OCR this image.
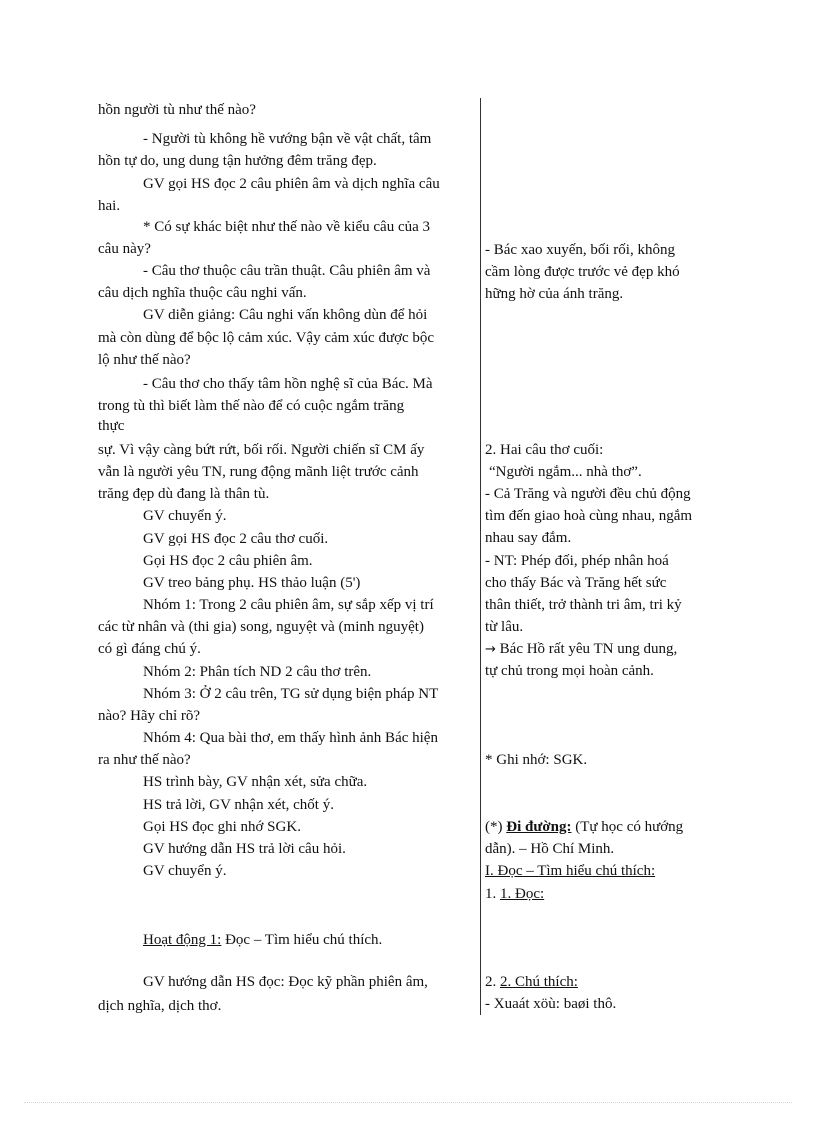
hồn người tù như thế nào?
- Người tù không hề vướng bận về vật chất, tâm
hồn tự do, ung dung tận hưởng đêm trăng đẹp.
GV gọi HS đọc 2 câu phiên âm và dịch nghĩa câu
hai.
* Có sự khác biệt như thế nào về kiểu câu của 3
câu này?
- Câu thơ thuộc câu trần thuật. Câu phiên âm và
câu dịch nghĩa thuộc câu nghi vấn.
GV diễn giảng: Câu nghi vấn không dùn để hỏi
mà còn dùng để bộc lộ cảm xúc. Vậy cảm xúc được bộc
lộ như thế nào?
- Câu thơ cho thấy tâm hồn nghệ sĩ của Bác. Mà
trong tù thì biết làm thế nào để có cuộc ngắm trăng
thực
sự. Vì vậy càng bứt rứt, bối rối. Người chiến sĩ CM ấy
vẫn là người yêu TN, rung động mãnh liệt trước cảnh
trăng đẹp dù đang là thân tù.
GV chuyển ý.
GV gọi HS đọc 2 câu thơ cuối.
Gọi HS đọc 2 câu phiên âm.
GV treo bảng phụ. HS thảo luận (5')
Nhóm 1: Trong 2 câu phiên âm, sự sắp xếp vị trí
các từ nhân và (thi gia) song, nguyệt và (minh nguyệt)
có gì đáng chú ý.
Nhóm 2: Phân tích ND 2 câu thơ trên.
Nhóm 3: Ở 2 câu trên, TG sử dụng biện pháp NT
nào? Hãy chỉ rõ?
Nhóm 4: Qua bài thơ, em thấy hình ảnh Bác hiện
ra như thế nào?
HS trình bày, GV nhận xét, sửa chữa.
HS trả lời, GV nhận xét, chốt ý.
Gọi HS đọc ghi nhớ SGK.
GV hướng dẫn HS trả lời câu hỏi.
GV chuyển ý.
Hoạt động 1: Đọc – Tìm hiểu chú thích.
GV hướng dẫn HS đọc: Đọc kỹ phần phiên âm,
dịch nghĩa, dịch thơ.
- Bác xao xuyến, bối rối, không
cầm lòng được trước vẻ đẹp khó
hững hờ của ánh trăng.
2. Hai câu thơ cuối:
“Người ngắm... nhà thơ”.
- Cả Trăng và người đều chủ động
tìm đến giao hoà cùng nhau, ngắm
nhau say đắm.
- NT: Phép đối, phép nhân hoá
cho thấy Bác và Trăng hết sức
thân thiết, trở thành tri âm, tri kỷ
từ lâu.
→ Bác Hồ rất yêu TN ung dung,
tự chủ trong mọi hoàn cảnh.
* Ghi nhớ: SGK.
(*) Đi đường: (Tự học có hướng
dẫn). – Hồ Chí Minh.
I. Đọc – Tìm hiểu chú thích:
1. 1. Đọc:
2. 2. Chú thích:
- Xuaát xöù: baøi thô.
